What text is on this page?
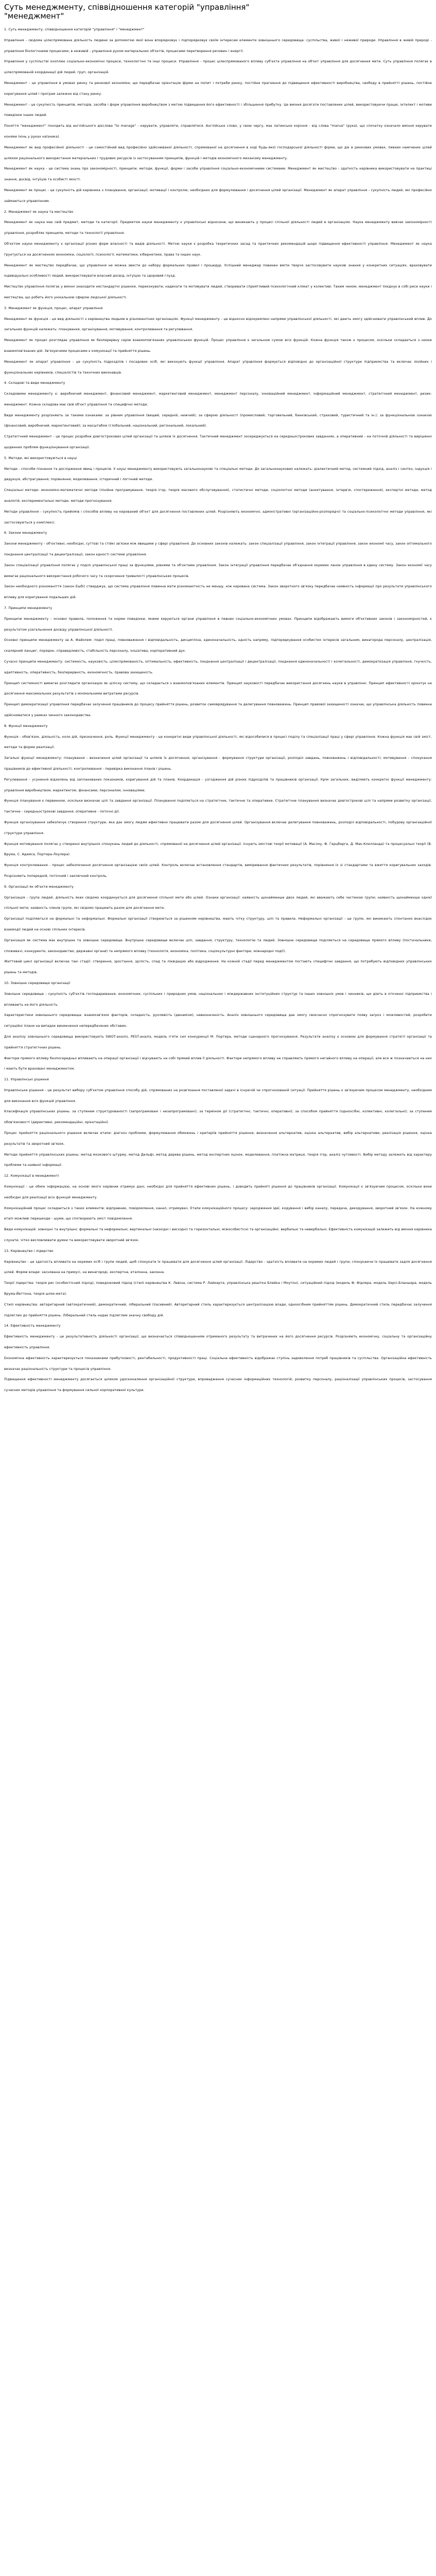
Суть менеджменту, співвідношення категорій "управління"
"менеджмент"

1. Суть менеджменту, співвідношення категорій "управління" і "менеджмент"

Управління - свідома цілеспрямована діяльність людини за допомогою якої вона впорядковує і підпорядковує своїм інтересам елементи зовнішнього середовища: суспільства, живої і неживої природи. Управління в живій природі - управління біологічними процесами, в неживій - управління рухом матеріальних об'єктів, процесами перетворення речовин і енергії.

Управління у суспільстві охоплює соціально-економічні процеси, технологічні та інші процеси. Управління - процес цілеспрямованого впливу суб'єкта управління на об'єкт управління для досягнення мети. Суть управління полягає в цілеспрямованій координації дій людей, груп, організацій.

Менеджмент - це управління в умовах ринку та ринкової економіки, що передбачає орієнтацію фірми на попит і потреби ринку, постійне прагнення до підвищення ефективності виробництва, свободу в прийнятті рішень, постійне коригування цілей і програм залежно від стану ринку.

Менеджмент - це сукупність принципів, методів, засобів і форм управління виробництвом з метою підвищення його ефективності і збільшення прибутку. Це вміння досягати поставлених цілей, використовуючи працю, інтелект і мотиви поведінки інших людей.

Поняття "менеджмент" походить від англійського дієслова "to manage" - керувати, управляти, справлятися. Англійське слово, у свою чергу, має латинське коріння - від слова "manus" (рука), що спочатку означало вміння керувати конями (кінь у руках наїзника).

Менеджмент як вид професійної діяльності - це самостійний вид професійно здійснюваної діяльності, спрямованої на досягнення в ході будь-якої господарської діяльності фірми, що діє в ринкових умовах, певних намічених цілей шляхом раціонального використання матеріальних і трудових ресурсів із застосуванням принципів, функцій і методів економічного механізму менеджменту.

Менеджмент як наука - це система знань про закономірності, принципи, методи, функції, форми і засоби управління соціально-економічними системами. Менеджмент як мистецтво - здатність керівника використовувати на практиці знання, досвід, інтуїцію та особисті якості.

Менеджмент як процес - це сукупність дій керівника з планування, організації, мотивації і контролю, необхідних для формулювання і досягнення цілей організації. Менеджмент як апарат управління - сукупність людей, які професійно займаються управлінням.

2. Менеджмент як наука та мистецтво

Менеджмент як наука має свій предмет, методи та категорії. Предметом науки менеджменту є управлінські відносини, що виникають у процесі спільної діяльності людей в організаціях. Наука менеджменту вивчає закономірності управління, розробляє принципи, методи та технології управління.

Об'єктом науки менеджменту є організації різних форм власності та видів діяльності. Метою науки є розробка теоретичних засад та практичних рекомендацій щодо підвищення ефективності управління. Менеджмент як наука ґрунтується на досягненнях економіки, соціології, психології, математики, кібернетики, права та інших наук.

Менеджмент як мистецтво передбачає, що управління не можна звести до набору формальних правил і процедур. Успішний менеджер повинен вміти творчо застосовувати наукові знання у конкретних ситуаціях, враховувати індивідуальні особливості людей, використовувати власний досвід, інтуїцію та здоровий глузд.

Мистецтво управління полягає у вмінні знаходити нестандартні рішення, переконувати, надихати та мотивувати людей, створювати сприятливий психологічний клімат у колективі. Таким чином, менеджмент поєднує в собі риси науки і мистецтва, що робить його унікальною сферою людської діяльності.

3. Менеджмент як функція, процес, апарат управління

Менеджмент як функція - це вид діяльності з керівництва людьми в різноманітних організаціях. Функції менеджменту - це відносно відокремлені напрями управлінської діяльності, які дають змогу здійснювати управлінський вплив. До загальних функцій належать: планування, організування, мотивування, контролювання та регулювання.

Менеджмент як процес розглядає управління як безперервну серію взаємопов'язаних управлінських функцій. Процес управління є загальною сумою всіх функцій. Кожна функція також є процесом, оскільки складається з низки взаємопов'язаних дій. Зв'язуючими процесами є комунікації та прийняття рішень.

Менеджмент як апарат управління - це сукупність підрозділів і посадових осіб, які виконують функції управління. Апарат управління формується відповідно до організаційної структури підприємства та включає лінійних і функціональних керівників, спеціалістів та технічних виконавців.

4. Складові та види менеджменту

Складовими менеджменту є: виробничий менеджмент, фінансовий менеджмент, маркетинговий менеджмент, менеджмент персоналу, інноваційний менеджмент, інформаційний менеджмент, стратегічний менеджмент, ризик-менеджмент. Кожна складова має свій об'єкт управління та специфічні методи.

Види менеджменту розрізняють за такими ознаками: за рівнем управління (вищий, середній, нижчий); за сферою діяльності (промисловий, торговельний, банківський, страховий, туристичний та ін.); за функціональною ознакою (фінансовий, виробничий, маркетинговий); за масштабом (глобальний, національний, регіональний, локальний).

Стратегічний менеджмент - це процес розробки довгострокових цілей організації та шляхів їх досягнення. Тактичний менеджмент зосереджується на середньострокових завданнях, а оперативний - на поточній діяльності та вирішенні щоденних проблем функціонування організації.

5. Методи, які використовуються в науці

Методи - способи пізнання та дослідження явищ і процесів. У науці менеджменту використовують загальнонаукові та спеціальні методи. До загальнонаукових належать: діалектичний метод, системний підхід, аналіз і синтез, індукція і дедукція, абстрагування, порівняння, моделювання, історичний і логічний методи.

Спеціальні методи: економіко-математичні методи (лінійне програмування, теорія ігор, теорія масового обслуговування), статистичні методи, соціологічні методи (анкетування, інтерв'ю, спостереження), експертні методи, метод аналогій, експериментальні методи, методи прогнозування.

Методи управління - сукупність прийомів і способів впливу на керований об'єкт для досягнення поставлених цілей. Розрізняють економічні, адміністративні (організаційно-розпорядчі) та соціально-психологічні методи управління, які застосовуються у комплексі.

6. Закони менеджменту

Закони менеджменту - об'єктивні, необхідні, суттєві та стійкі зв'язки між явищами у сфері управління. До основних законів належать: закон спеціалізації управління, закон інтеграції управління, закон економії часу, закон оптимального поєднання централізації та децентралізації, закон єдності системи управління.

Закон спеціалізації управління полягає у поділі управлінської праці за функціями, рівнями та об'єктами управління. Закон інтеграції управління передбачає об'єднання окремих ланок управління в єдину систему. Закон економії часу вимагає раціонального використання робочого часу та скорочення тривалості управлінських процесів.

Закон необхідного різноманіття (закон Ешбі) стверджує, що система управління повинна мати різноманітність не меншу, ніж керована система. Закон зворотного зв'язку передбачає наявність інформації про результати управлінського впливу для коригування подальших дій.

7. Принципи менеджменту

Принципи менеджменту - основні правила, положення та норми поведінки, якими керуються органи управління в певних соціально-економічних умовах. Принципи відображають вимоги об'єктивних законів і закономірностей, є результатом узагальнення досвіду управлінської діяльності.

Основні принципи менеджменту за А. Файолем: поділ праці, повноваження і відповідальність, дисципліна, єдиноначальність, єдність напряму, підпорядкування особистих інтересів загальним, винагорода персоналу, централізація, скалярний ланцюг, порядок, справедливість, стабільність персоналу, ініціатива, корпоративний дух.

Сучасні принципи менеджменту: системність, науковість, цілеспрямованість, оптимальність, ефективність, поєднання централізації і децентралізації, поєднання єдиноначальності і колегіальності, демократизація управління, гнучкість, адаптивність, оперативність, безперервність, економічність, правова захищеність.

Принцип системності вимагає розглядати організацію як цілісну систему, що складається з взаємопов'язаних елементів. Принцип науковості передбачає використання досягнень науки в управлінні. Принцип ефективності орієнтує на досягнення максимальних результатів з мінімальними витратами ресурсів.

Принцип демократизації управління передбачає залучення працівників до процесу прийняття рішень, розвиток самоврядування та делегування повноважень. Принцип правової захищеності означає, що управлінська діяльність повинна здійснюватися у рамках чинного законодавства.

8. Функції менеджменту

Функція - обов'язок, діяльність, коло дій, призначення, роль. Функції менеджменту - це конкретні види управлінської діяльності, які відособилися в процесі поділу та спеціалізації праці у сфері управління. Кожна функція має свій зміст, методи та форми реалізації.

Загальні функції менеджменту: планування - визначення цілей організації та шляхів їх досягнення; організування - формування структури організації, розподіл завдань, повноважень і відповідальності; мотивування - спонукання працівників до ефективної діяльності; контролювання - перевірка виконання планів і рішень.

Регулювання - усунення відхилень від запланованих показників, коригування дій та планів. Координація - узгодження дій різних підрозділів та працівників організації. Крім загальних, виділяють конкретні функції менеджменту: управління виробництвом, маркетингом, фінансами, персоналом, інноваціями.

Функція планування є первинною, оскільки визначає цілі та завдання організації. Планування поділяється на стратегічне, тактичне та оперативне. Стратегічне планування визначає довгострокові цілі та напрями розвитку організації, тактичне - середньострокові завдання, оперативне - поточні дії.

Функція організування забезпечує створення структури, яка дає змогу людям ефективно працювати разом для досягнення цілей. Організування включає делегування повноважень, розподіл відповідальності, побудову організаційної структури управління.

Функція мотивування полягає у створенні внутрішніх спонукань людей до діяльності, спрямованої на досягнення цілей організації. Існують змістові теорії мотивації (А. Маслоу, Ф. Герцберга, Д. Мак-Клелланда) та процесуальні теорії (В. Врума, С. Адамса, Портера-Лоулера).

Функція контролювання - процес забезпечення досягнення організацією своїх цілей. Контроль включає встановлення стандартів, вимірювання фактичних результатів, порівняння їх зі стандартами та вжиття коригувальних заходів. Розрізняють попередній, поточний і заключний контроль.

9. Організації як об'єкти менеджменту

Організація - група людей, діяльність яких свідомо координується для досягнення спільної мети або цілей. Ознаки організації: наявність щонайменше двох людей, які вважають себе частиною групи; наявність щонайменше однієї спільної мети; наявність членів групи, які свідомо працюють разом для досягнення мети.

Організації поділяються на формальні та неформальні. Формальні організації створюються за рішенням керівництва, мають чітку структуру, цілі та правила. Неформальні організації - це групи, які виникають спонтанно внаслідок взаємодії людей на основі спільних інтересів.

Організація як система має внутрішнє та зовнішнє середовище. Внутрішнє середовище включає цілі, завдання, структуру, технологію та людей. Зовнішнє середовище поділяється на середовище прямого впливу (постачальники, споживачі, конкуренти, законодавство, державні органи) та непрямого впливу (технологія, економіка, політика, соціокультурні фактори, міжнародні події).

Життєвий цикл організації включає такі стадії: створення, зростання, зрілість, спад та ліквідацію або відродження. На кожній стадії перед менеджментом постають специфічні завдання, що потребують відповідних управлінських рішень та методів.

10. Зовнішнє середовище організації

Зовнішнє середовище - сукупність суб'єктів господарювання, економічних, суспільних і природних умов, національних і міждержавних інституційних структур та інших зовнішніх умов і чинників, що діють в оточенні підприємства і впливають на його діяльність.

Характеристики зовнішнього середовища: взаємозв'язок факторів, складність, рухливість (динамізм), невизначеність. Аналіз зовнішнього середовища дає змогу своєчасно спрогнозувати появу загроз і можливостей, розробити ситуаційні плани на випадок виникнення непередбачених обставин.

Для аналізу зовнішнього середовища використовують SWOT-аналіз, PEST-аналіз, модель п'яти сил конкуренції М. Портера, методи сценарного прогнозування. Результати аналізу є основою для формування стратегії організації та прийняття стратегічних рішень.

Фактори прямого впливу безпосередньо впливають на операції організації і відчувають на собі прямий вплив її діяльності. Фактори непрямого впливу не справляють прямого негайного впливу на операції, але все ж позначаються на них і мають бути враховані менеджментом.

11. Управлінські рішення

Управлінське рішення - це результат вибору суб'єктом управління способу дій, спрямованих на розв'язання поставленої задачі в існуючій чи спрогнозованій ситуації. Прийняття рішень є зв'язуючим процесом менеджменту, необхідним для виконання всіх функцій управління.

Класифікація управлінських рішень: за ступенем структурованості (запрограмовані і незапрограмовані); за терміном дії (стратегічні, тактичні, оперативні); за способом прийняття (одноосібні, колективні, колегіальні); за ступенем обов'язковості (директивні, рекомендаційні, орієнтаційні).

Процес прийняття раціонального рішення включає етапи: діагноз проблеми, формулювання обмежень і критеріїв прийняття рішення, визначення альтернатив, оцінка альтернатив, вибір альтернативи, реалізація рішення, оцінка результатів та зворотний зв'язок.

Методи прийняття управлінських рішень: метод мозкового штурму, метод Дельфі, метод дерева рішень, метод експертних оцінок, моделювання, платіжна матриця, теорія ігор, аналіз чутливості. Вибір методу залежить від характеру проблеми та наявної інформації.

12. Комунікації в менеджменті

Комунікації - це обмін інформацією, на основі якого керівник отримує дані, необхідні для прийняття ефективних рішень, і доводить прийняті рішення до працівників організації. Комунікації є зв'язуючим процесом, оскільки вони необхідні для реалізації всіх функцій менеджменту.

Комунікаційний процес складається з таких елементів: відправник, повідомлення, канал, отримувач. Етапи комунікаційного процесу: зародження ідеї, кодування і вибір каналу, передача, декодування, зворотний зв'язок. На кожному етапі можливі перешкоди - шуми, що спотворюють зміст повідомлення.

Види комунікацій: зовнішні та внутрішні; формальні та неформальні; вертикальні (низхідні і висхідні) та горизонтальні; міжособистісні та організаційні; вербальні та невербальні. Ефективність комунікацій залежить від вміння керівника слухати, чітко висловлювати думки та використовувати зворотний зв'язок.

13. Керівництво і лідерство

Керівництво - це здатність впливати на окремих осіб і групи людей, щоб спонукати їх працювати для досягнення цілей організації. Лідерство - здатність впливати на окремих людей і групи, спонукаючи їх працювати задля досягнення цілей. Форми влади: заснована на примусі, на винагороді, експертна, еталонна, законна.

Теорії лідерства: теорія рис (особистісний підхід), поведінковий підхід (стилі керівництва К. Левіна, система Р. Лайкерта, управлінська решітка Блейка і Моутон), ситуаційний підхід (модель Ф. Фідлера, модель Херсі-Бланшара, модель Врума-Йеттона, теорія шлях-мета).

Стилі керівництва: авторитарний (автократичний), демократичний, ліберальний (пасивний). Авторитарний стиль характеризується централізацією влади, одноосібним прийняттям рішень. Демократичний стиль передбачає залучення підлеглих до прийняття рішень. Ліберальний стиль надає підлеглим значну свободу дій.

14. Ефективність менеджменту

Ефективність менеджменту - це результативність діяльності організації, що визначається співвідношенням отриманого результату та витрачених на його досягнення ресурсів. Розрізняють економічну, соціальну та організаційну ефективність управління.

Економічна ефективність характеризується показниками прибутковості, рентабельності, продуктивності праці. Соціальна ефективність відображає ступінь задоволення потреб працівників та суспільства. Організаційна ефективність визначає раціональність структури та процесів управління.

Підвищення ефективності менеджменту досягається шляхом удосконалення організаційної структури, впровадження сучасних інформаційних технологій, розвитку персоналу, раціоналізації управлінських процесів, застосування сучасних методів управління та формування сильної корпоративної культури.
